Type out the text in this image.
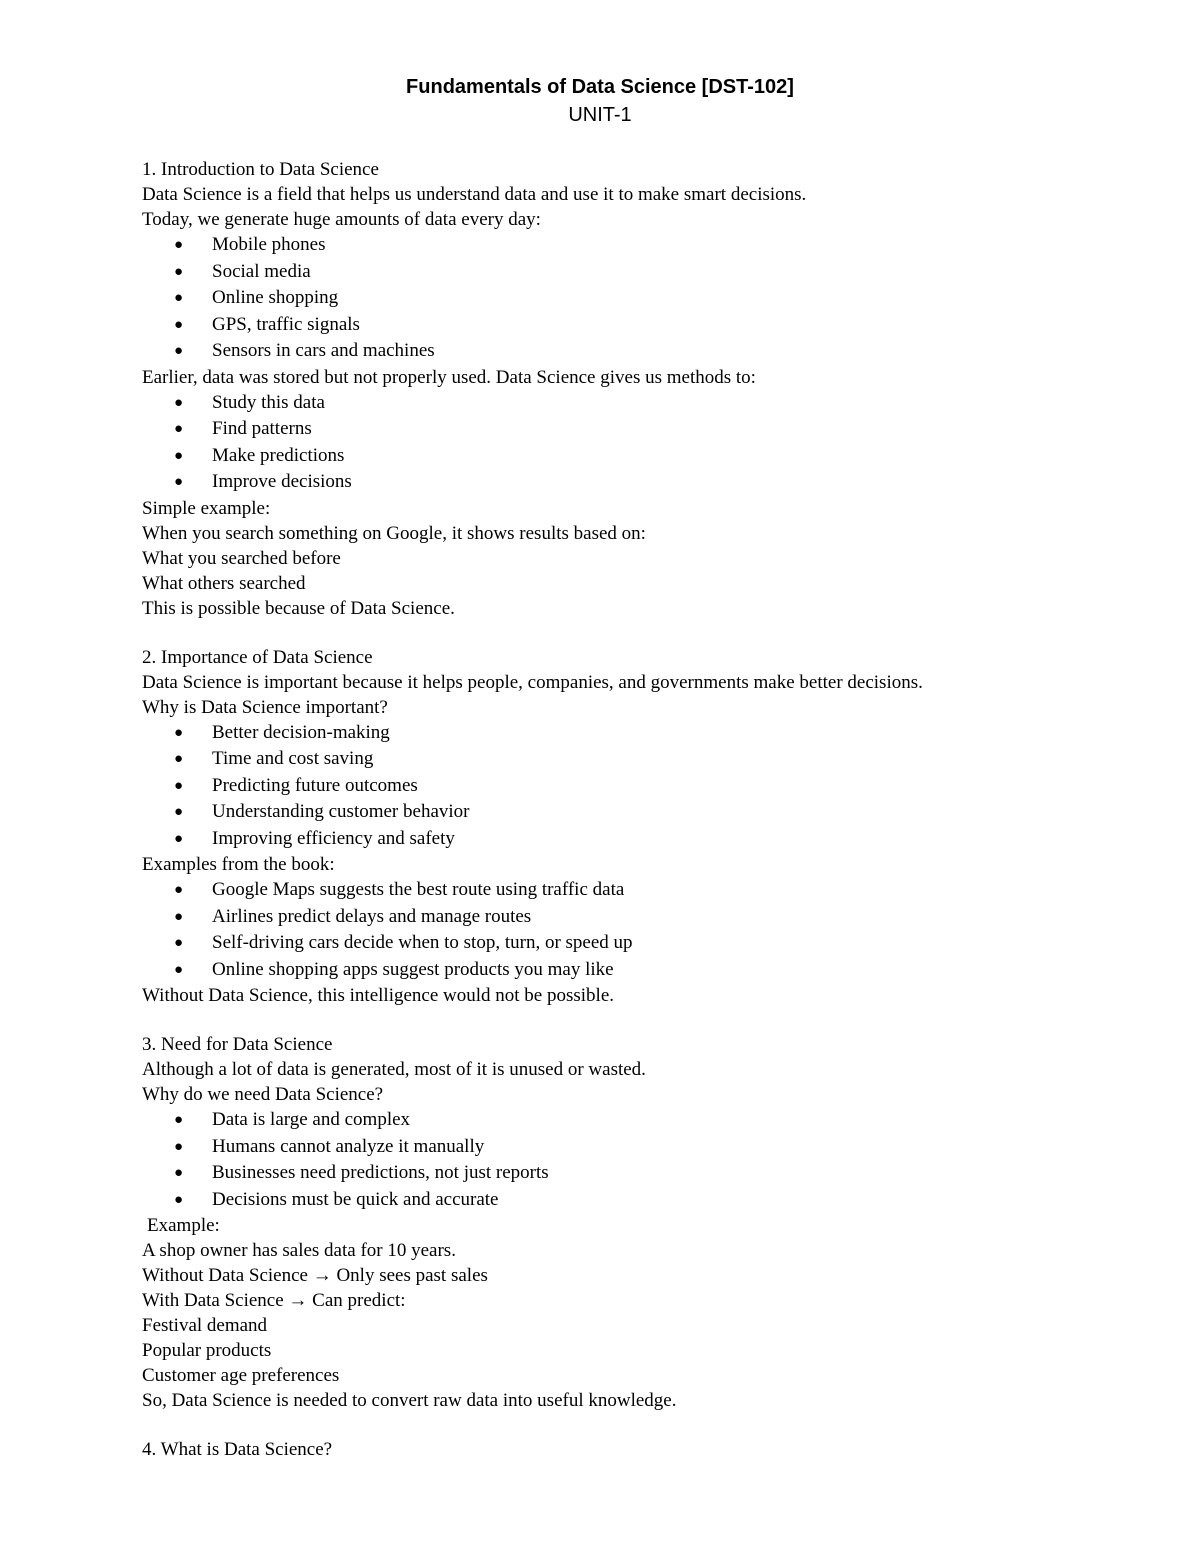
Fundamentals of Data Science [DST-102]
UNIT-1
1. Introduction to Data Science
Data Science is a field that helps us understand data and use it to make smart decisions.
Today, we generate huge amounts of data every day:
● Mobile phones
● Social media
● Online shopping
● GPS, traffic signals
● Sensors in cars and machines
Earlier, data was stored but not properly used. Data Science gives us methods to:
● Study this data
● Find patterns
● Make predictions
● Improve decisions
Simple example:
When you search something on Google, it shows results based on:
What you searched before
What others searched
This is possible because of Data Science.
2. Importance of Data Science
Data Science is important because it helps people, companies, and governments make better decisions.
Why is Data Science important?
● Better decision-making
● Time and cost saving
● Predicting future outcomes
● Understanding customer behavior
● Improving efficiency and safety
Examples from the book:
● Google Maps suggests the best route using traffic data
● Airlines predict delays and manage routes
● Self-driving cars decide when to stop, turn, or speed up
● Online shopping apps suggest products you may like
Without Data Science, this intelligence would not be possible.
3. Need for Data Science
Although a lot of data is generated, most of it is unused or wasted.
Why do we need Data Science?
● Data is large and complex
● Humans cannot analyze it manually
● Businesses need predictions, not just reports
● Decisions must be quick and accurate
Example:
A shop owner has sales data for 10 years.
Without Data Science → Only sees past sales
With Data Science → Can predict:
Festival demand
Popular products
Customer age preferences
So, Data Science is needed to convert raw data into useful knowledge.
4. What is Data Science?
